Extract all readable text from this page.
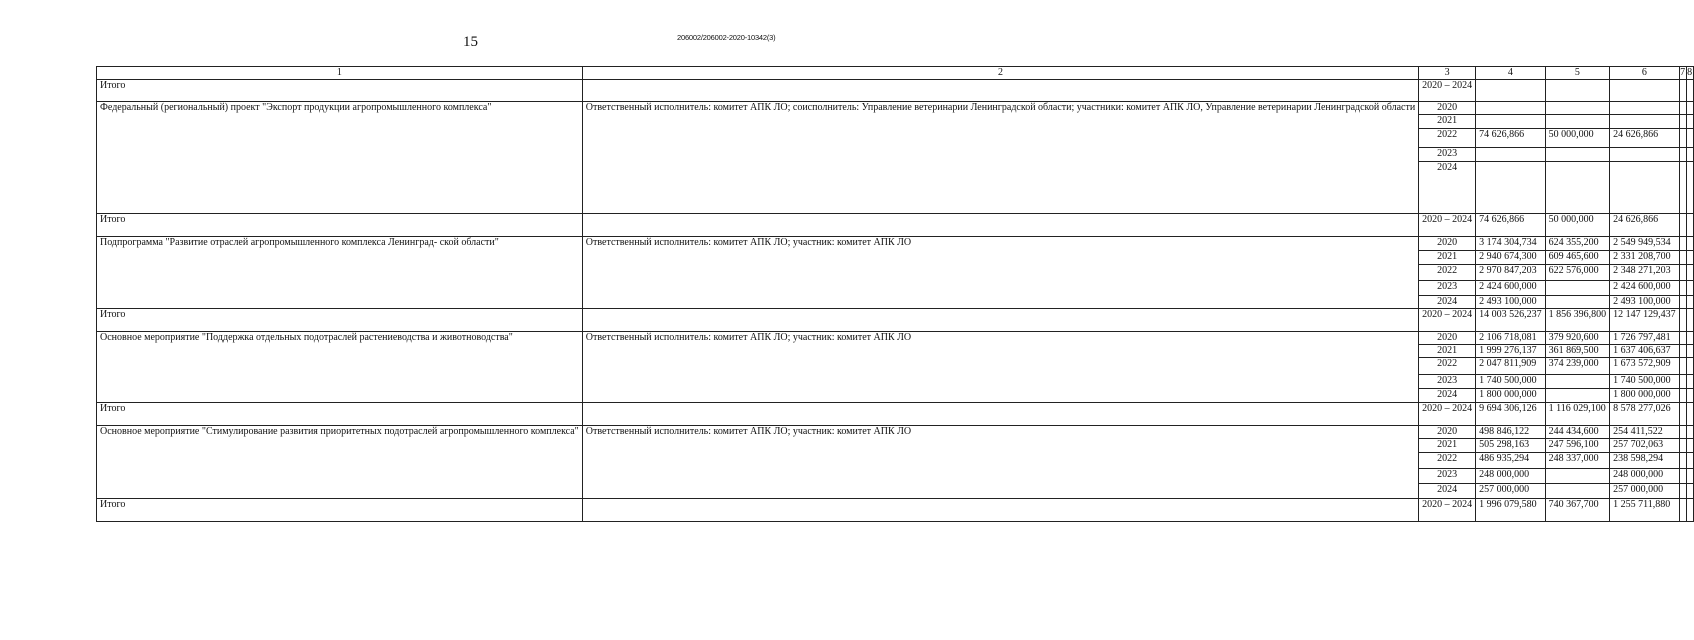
15	206002/206002-2020-10342(3)
1	2	3	4	5	6	7	8
Итого		2020 – 2024					
Федеральный (региональный) проект "Экспорт продукции агропромышленного комплекса"	Ответственный исполнитель: комитет АПК ЛО; соисполнитель: Управление ветеринарии Ленинградской области; участники: комитет АПК ЛО, Управление ветеринарии Ленинградской области	2020					
		2021					
		2022	74 626,866	50 000,000	24 626,866		
		2023					
		2024					
Итого		2020 – 2024	74 626,866	50 000,000	24 626,866		
Подпрограмма "Развитие отраслей агропромышленного комплекса Ленинград- ской области"	Ответственный исполнитель: комитет АПК ЛО; участник: комитет АПК ЛО	2020	3 174 304,734	624 355,200	2 549 949,534		
		2021	2 940 674,300	609 465,600	2 331 208,700		
		2022	2 970 847,203	622 576,000	2 348 271,203		
		2023	2 424 600,000		2 424 600,000		
		2024	2 493 100,000		2 493 100,000		
Итого		2020 – 2024	14 003 526,237	1 856 396,800	12 147 129,437		
Основное мероприятие "Поддержка отдельных подотраслей растениеводства и животноводства"	Ответственный исполнитель: комитет АПК ЛО; участник: комитет АПК ЛО	2020	2 106 718,081	379 920,600	1 726 797,481		
		2021	1 999 276,137	361 869,500	1 637 406,637		
		2022	2 047 811,909	374 239,000	1 673 572,909		
		2023	1 740 500,000		1 740 500,000		
		2024	1 800 000,000		1 800 000,000		
Итого		2020 – 2024	9 694 306,126	1 116 029,100	8 578 277,026		
Основное мероприятие "Стимулирование развития приоритетных подотраслей агропромышленного комплекса"	Ответственный исполнитель: комитет АПК ЛО; участник: комитет АПК ЛО	2020	498 846,122	244 434,600	254 411,522		
		2021	505 298,163	247 596,100	257 702,063		
		2022	486 935,294	248 337,000	238 598,294		
		2023	248 000,000		248 000,000		
		2024	257 000,000		257 000,000		
Итого		2020 – 2024	1 996 079,580	740 367,700	1 255 711,880		
